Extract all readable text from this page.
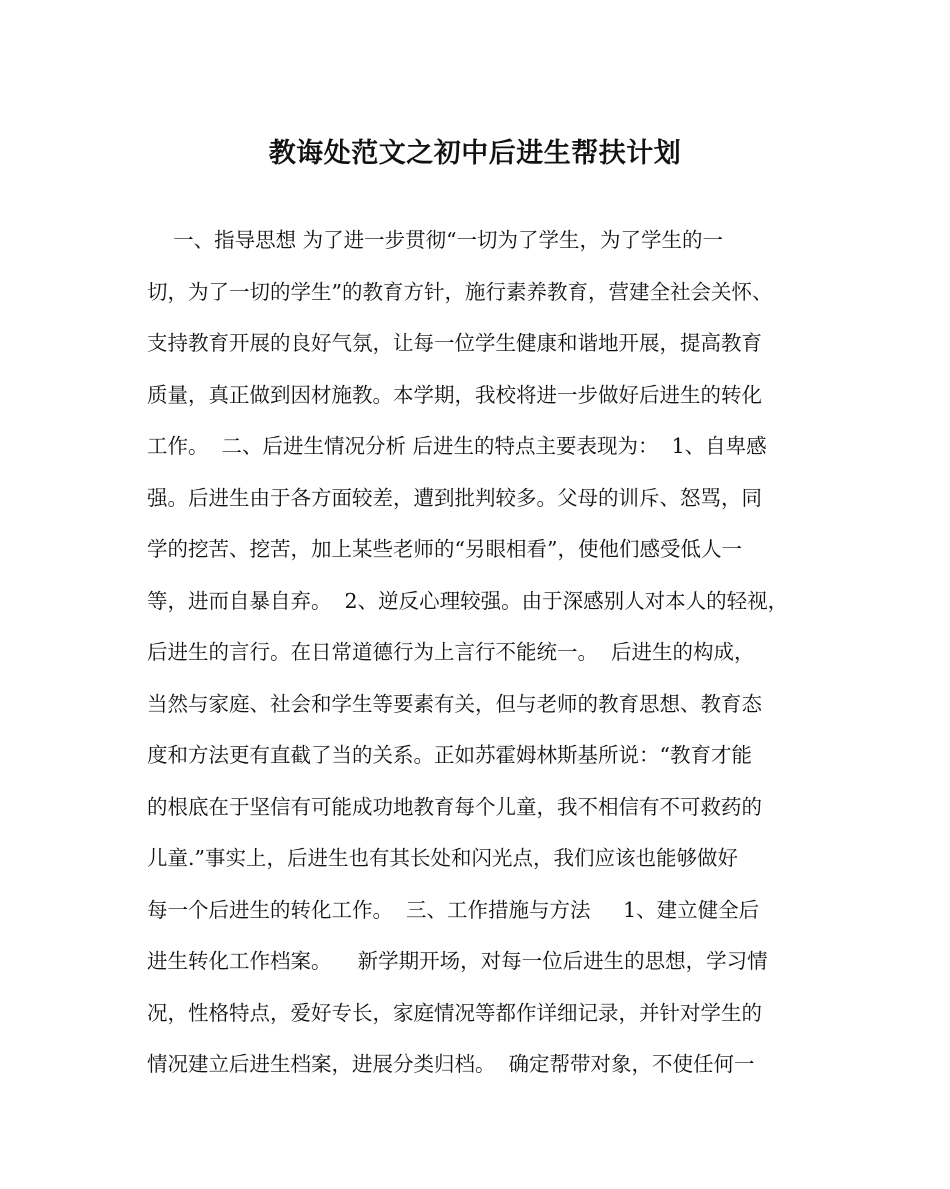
教诲处范文之初中后进生帮扶计划
一、指导思想 为了进一步贯彻“一切为了学生，为了学生的一
切，为了一切的学生”的教育方针，施行素养教育，营建全社会关怀、
支持教育开展的良好气氛，让每一位学生健康和谐地开展，提高教育
质量，真正做到因材施教。本学期，我校将进一步做好后进生的转化
工作。  二、后进生情况分析 后进生的特点主要表现为：  1、自卑感
强。后进生由于各方面较差，遭到批判较多。父母的训斥、怒骂，同
学的挖苦、挖苦，加上某些老师的“另眼相看”，使他们感受低人一
等，进而自暴自弃。  2、逆反心理较强。由于深感别人对本人的轻视，
后进生的言行。在日常道德行为上言行不能统一。  后进生的构成，
当然与家庭、社会和学生等要素有关，但与老师的教育思想、教育态
度和方法更有直截了当的关系。正如苏霍姆林斯基所说：“教育才能
的根底在于坚信有可能成功地教育每个儿童，我不相信有不可救药的
儿童.”事实上，后进生也有其长处和闪光点，我们应该也能够做好
每一个后进生的转化工作。  三、工作措施与方法     1、建立健全后
进生转化工作档案。    新学期开场，对每一位后进生的思想，学习情
况，性格特点，爱好专长，家庭情况等都作详细记录，并针对学生的
情况建立后进生档案，进展分类归档。  确定帮带对象，不使任何一
